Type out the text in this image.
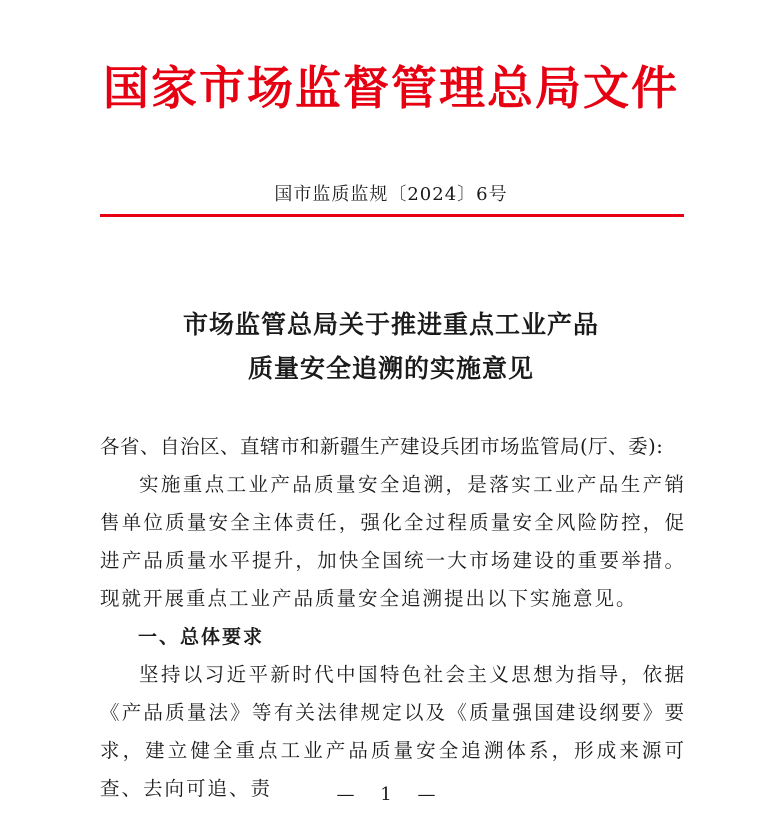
国家市场监督管理总局文件
国市监质监规〔2024〕6号
市场监管总局关于推进重点工业产品
质量安全追溯的实施意见
各省、自治区、直辖市和新疆生产建设兵团市场监管局(厅、委):
实施重点工业产品质量安全追溯，是落实工业产品生产销售单位质量安全主体责任，强化全过程质量安全风险防控，促进产品质量水平提升，加快全国统一大市场建设的重要举措。现就开展重点工业产品质量安全追溯提出以下实施意见。
一、总体要求
坚持以习近平新时代中国特色社会主义思想为指导，依据《产品质量法》等有关法律规定以及《质量强国建设纲要》要求，建立健全重点工业产品质量安全追溯体系，形成来源可查、去向可追、责	— 1 —
